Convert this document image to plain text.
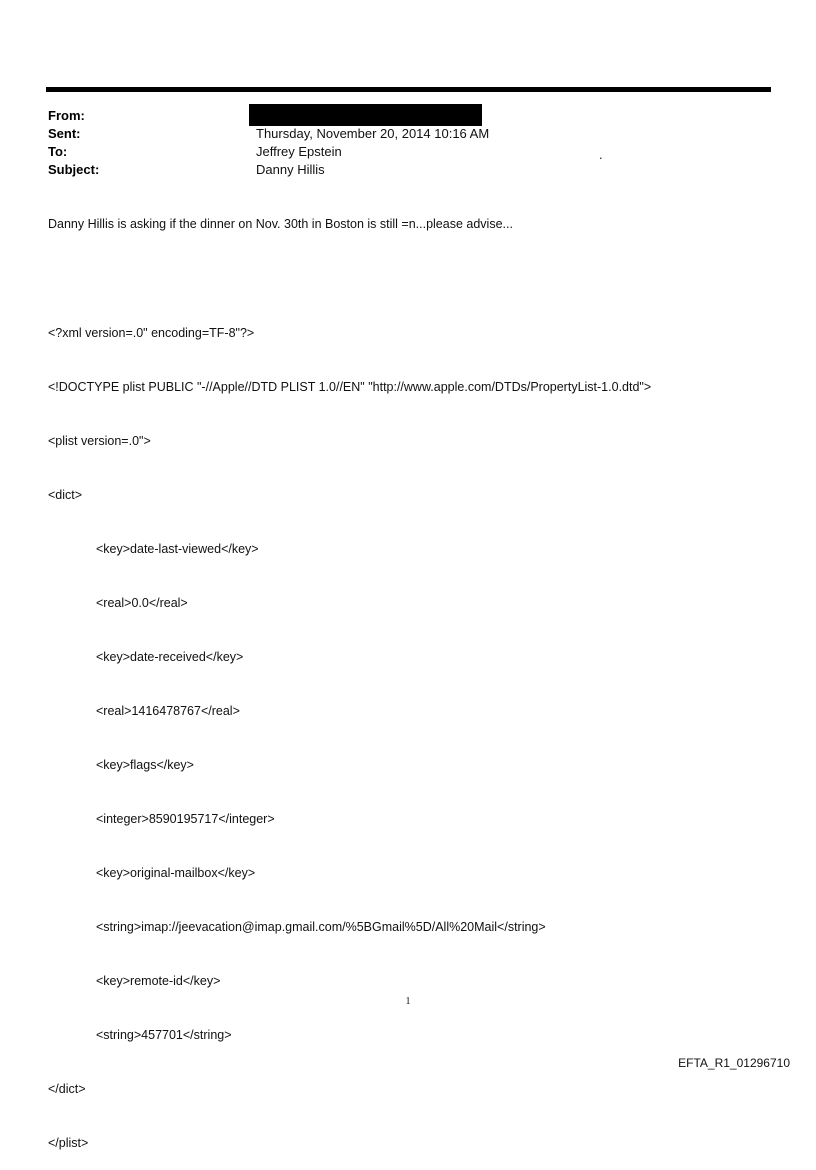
From:
Sent:	Thursday, November 20, 2014 10:16 AM
To:	Jeffrey Epstein	.
Subject:	Danny Hillis
Danny Hillis is asking if the dinner on Nov. 30th in Boston is still =n...please advise...

<?xml version=.0" encoding=TF-8"?>

<!DOCTYPE plist PUBLIC "-//Apple//DTD PLIST 1.0//EN" "http://www.apple.com/DTDs/PropertyList-1.0.dtd">

<plist version=.0">

<dict>

<key>date-last-viewed</key>

<real>0.0</real>

<key>date-received</key>

<real>1416478767</real>

<key>flags</key>

<integer>8590195717</integer>

<key>original-mailbox</key>

<string>imap://jeevacation@imap.gmail.com/%5BGmail%5D/All%20Mail</string>

<key>remote-id</key>

<string>457701</string>

</dict>

</plist>

1
EFTA_R1_01296710
